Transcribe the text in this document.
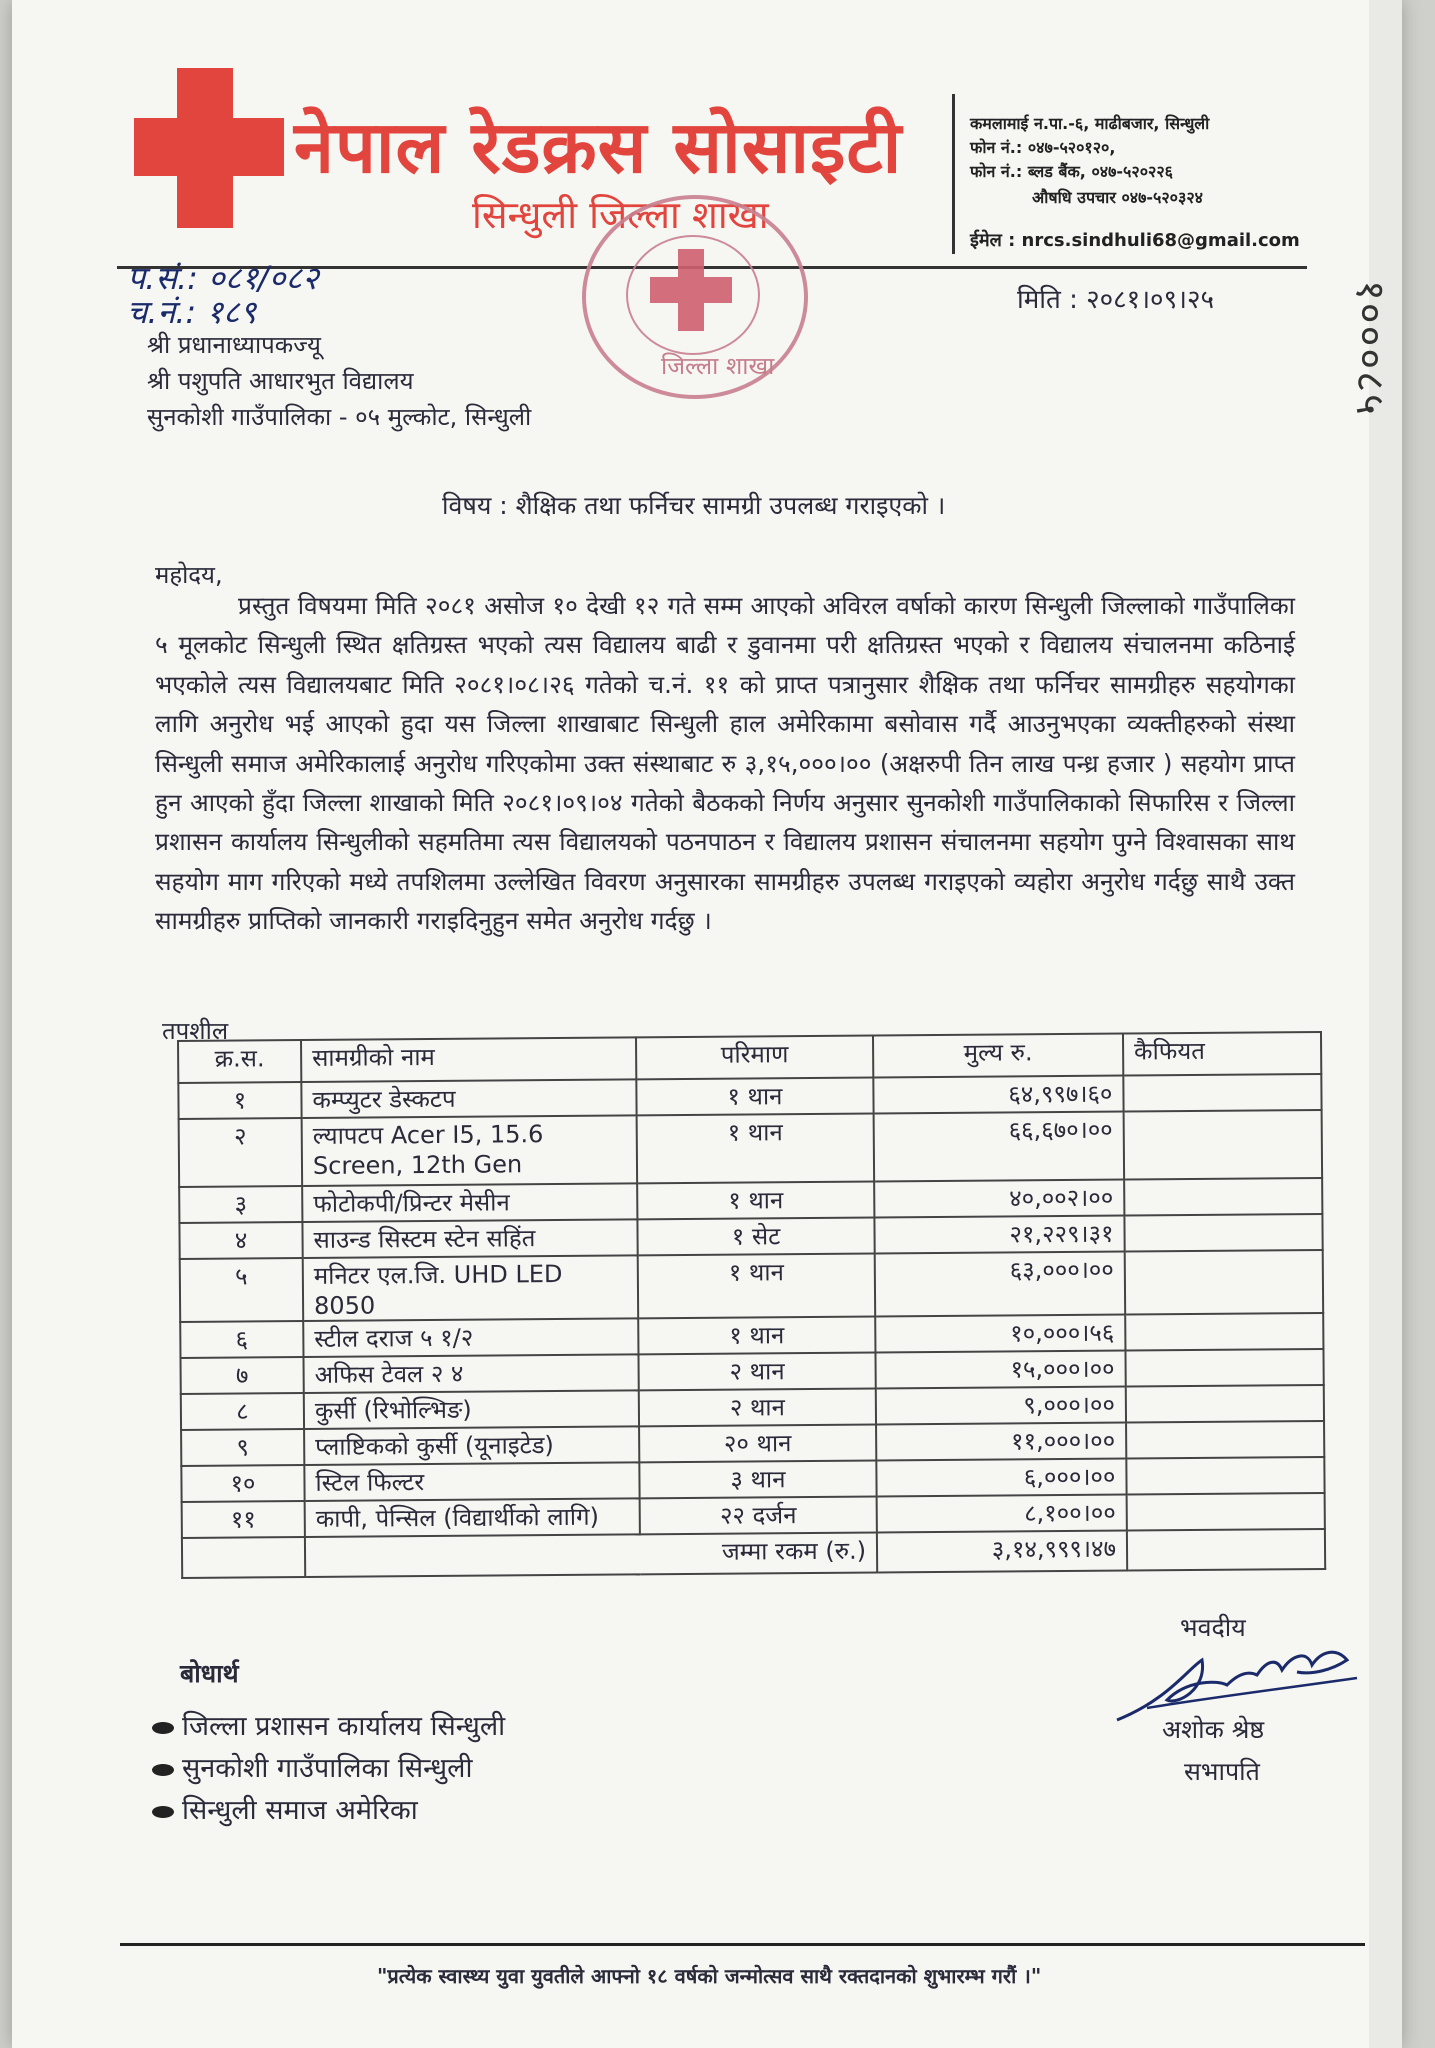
नेपाल रेडक्रस सोसाइटी
सिन्धुली जिल्ला शाखा
कमलामाई न.पा.-६, माढीबजार, सिन्धुली
फोन नं.: ०४७-५२०१२०,
फोन नं.: ब्लड बैंक, ०४७-५२०२२६
औषधि उपचार ०४७-५२०३२४
ईमेल : nrcs.sindhuli68@gmail.com
जिल्ला शाखा
प.सं.: ०८१/०८२
च.नं.: १८९	मिति : २०८१।०९।२५
श्री प्रधानाध्यापकज्यू
श्री पशुपति आधारभुत विद्यालय
सुनकोशी गाउँपालिका - ०५ मुल्कोट, सिन्धुली
विषय : शैक्षिक तथा फर्निचर सामग्री उपलब्ध गराइएको ।
महोदय,
प्रस्तुत विषयमा मिति २०८१ असोज १० देखी १२ गते सम्म आएको अविरल वर्षाको कारण सिन्धुली जिल्लाको गाउँपालिका ५ मूलकोट सिन्धुली स्थित क्षतिग्रस्त भएको त्यस विद्यालय बाढी र डुवानमा परी क्षतिग्रस्त भएको र विद्यालय संचालनमा कठिनाई भएकोले त्यस विद्यालयबाट मिति २०८१।०८।२६ गतेको च.नं. ११ को प्राप्त पत्रानुसार शैक्षिक तथा फर्निचर सामग्रीहरु सहयोगका लागि अनुरोध भई आएको हुदा यस जिल्ला शाखाबाट सिन्धुली हाल अमेरिकामा बसोवास गर्दै आउनुभएका व्यक्तीहरुको संस्था सिन्धुली समाज अमेरिकालाई अनुरोध गरिएकोमा उक्त संस्थाबाट रु ३,१५,०००।०० (अक्षरुपी तिन लाख पन्ध्र हजार ) सहयोग प्राप्त हुन आएको हुँदा जिल्ला शाखाको मिति २०८१।०९।०४ गतेको बैठकको निर्णय अनुसार सुनकोशी गाउँपालिकाको सिफारिस र जिल्ला प्रशासन कार्यालय सिन्धुलीको सहमतिमा त्यस विद्यालयको पठनपाठन र विद्यालय प्रशासन संचालनमा सहयोग पुग्ने विश्वासका साथ सहयोग माग गरिएको मध्ये तपशिलमा उल्लेखित विवरण अनुसारका सामग्रीहरु उपलब्ध गराइएको व्यहोरा अनुरोध गर्दछु साथै उक्त सामग्रीहरु प्राप्तिको जानकारी गराइदिनुहुन समेत अनुरोध गर्दछु ।
तपशील
क्र.स.	सामग्रीको नाम	परिमाण	मुल्य रु.	कैफियत
१	कम्प्युटर डेस्कटप	१ थान	६४,९९७।६०	
२	ल्यापटप Acer I5, 15.6 Screen, 12th Gen	१ थान	६६,६७०।००	
३	फोटोकपी/प्रिन्टर मेसीन	१ थान	४०,००२।००	
४	साउन्ड सिस्टम स्टेन सहिंत	१ सेट	२१,२२९।३१	
५	मनिटर एल.जि. UHD LED 8050	१ थान	६३,०००।००	
६	स्टील दराज ५ १/२	१ थान	१०,०००।५६	
७	अफिस टेवल २ ४	२ थान	१५,०००।००	
८	कुर्सी (रिभोल्भिङ)	२ थान	९,०००।००	
९	प्लाष्टिकको कुर्सी (यूनाइटेड)	२० थान	११,०००।००	
१०	स्टिल फिल्टर	३ थान	६,०००।००	
११	कापी, पेन्सिल (विद्यार्थीको लागि)	२२ दर्जन	८,१००।००	
	जम्मा रकम (रु.)		३,१४,९९९।४७	
बोधार्थ
जिल्ला प्रशासन कार्यालय सिन्धुली
सुनकोशी गाउँपालिका सिन्धुली
सिन्धुली समाज अमेरिका
भवदीय
अशोक श्रेष्ठ
सभापति
"प्रत्येक स्वास्थ्य युवा युवतीले आफ्नो १८ वर्षको जन्मोत्सव साथै रक्तदानको शुभारम्भ गरौं ।"
१०००८५
